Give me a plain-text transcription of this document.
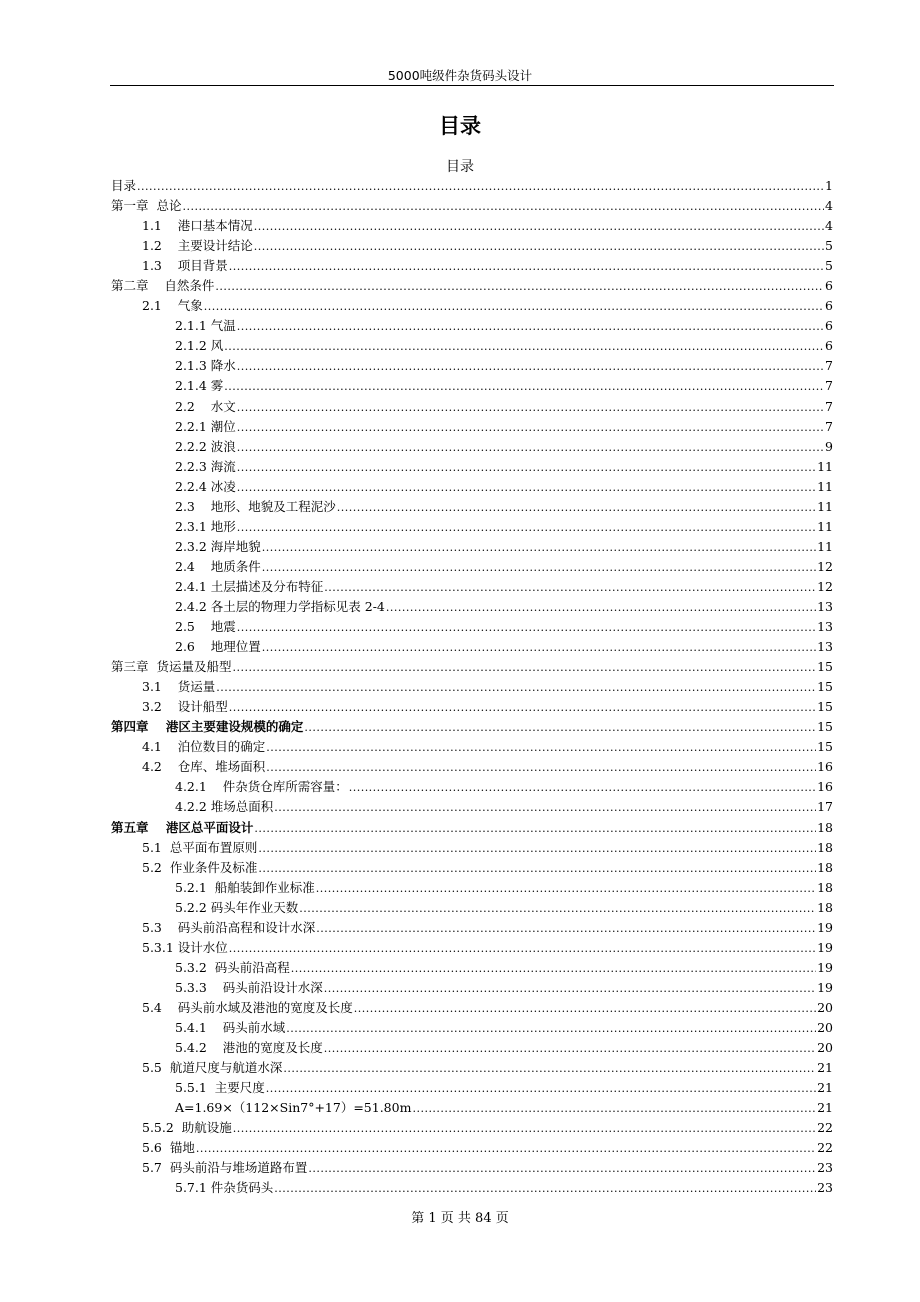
5000吨级件杂货码头设计
目录
目录
目录 .....	1
第一章  总论 .....	4
1.1    港口基本情况 .....	4
1.2    主要设计结论 .....	5
1.3    项目背景 .....	5
第二章    自然条件 .....	6
2.1    气象 .....	6
2.1.1 气温 .....	6
2.1.2 风 .....	6
2.1.3 降水 .....	7
2.1.4 雾 .....	7
2.2    水文 .....	7
2.2.1 潮位 .....	7
2.2.2 波浪 .....	9
2.2.3 海流 .....	11
2.2.4 冰凌 .....	11
2.3    地形、地貌及工程泥沙 .....	11
2.3.1 地形 .....	11
2.3.2 海岸地貌 .....	11
2.4    地质条件 .....	12
2.4.1 土层描述及分布特征 .....	12
2.4.2 各土层的物理力学指标见表 2-4 .....	13
2.5    地震 .....	13
2.6    地理位置 .....	13
第三章  货运量及船型 .....	15
3.1    货运量 .....	15
3.2    设计船型 .....	15
第四章    港区主要建设规模的确定 .....	15
4.1    泊位数目的确定 .....	15
4.2    仓库、堆场面积 .....	16
4.2.1    件杂货仓库所需容量： .....	16
4.2.2 堆场总面积 .....	17
第五章    港区总平面设计 .....	18
5.1  总平面布置原则 .....	18
5.2  作业条件及标准 .....	18
5.2.1  船舶装卸作业标准 .....	18
5.2.2 码头年作业天数 .....	18
5.3    码头前沿高程和设计水深 .....	19
5.3.1 设计水位 .....	19
5.3.2  码头前沿高程 .....	19
5.3.3    码头前沿设计水深 .....	19
5.4    码头前水域及港池的宽度及长度 .....	20
5.4.1    码头前水域 .....	20
5.4.2    港池的宽度及长度 .....	20
5.5  航道尺度与航道水深 .....	21
5.5.1  主要尺度 .....	21
A=1.69×（112×Sin7°+17）=51.80m .....	21
5.5.2  助航设施 .....	22
5.6  锚地 .....	22
5.7  码头前沿与堆场道路布置 .....	23
5.7.1 件杂货码头 .....	23
第 1 页 共 84 页
